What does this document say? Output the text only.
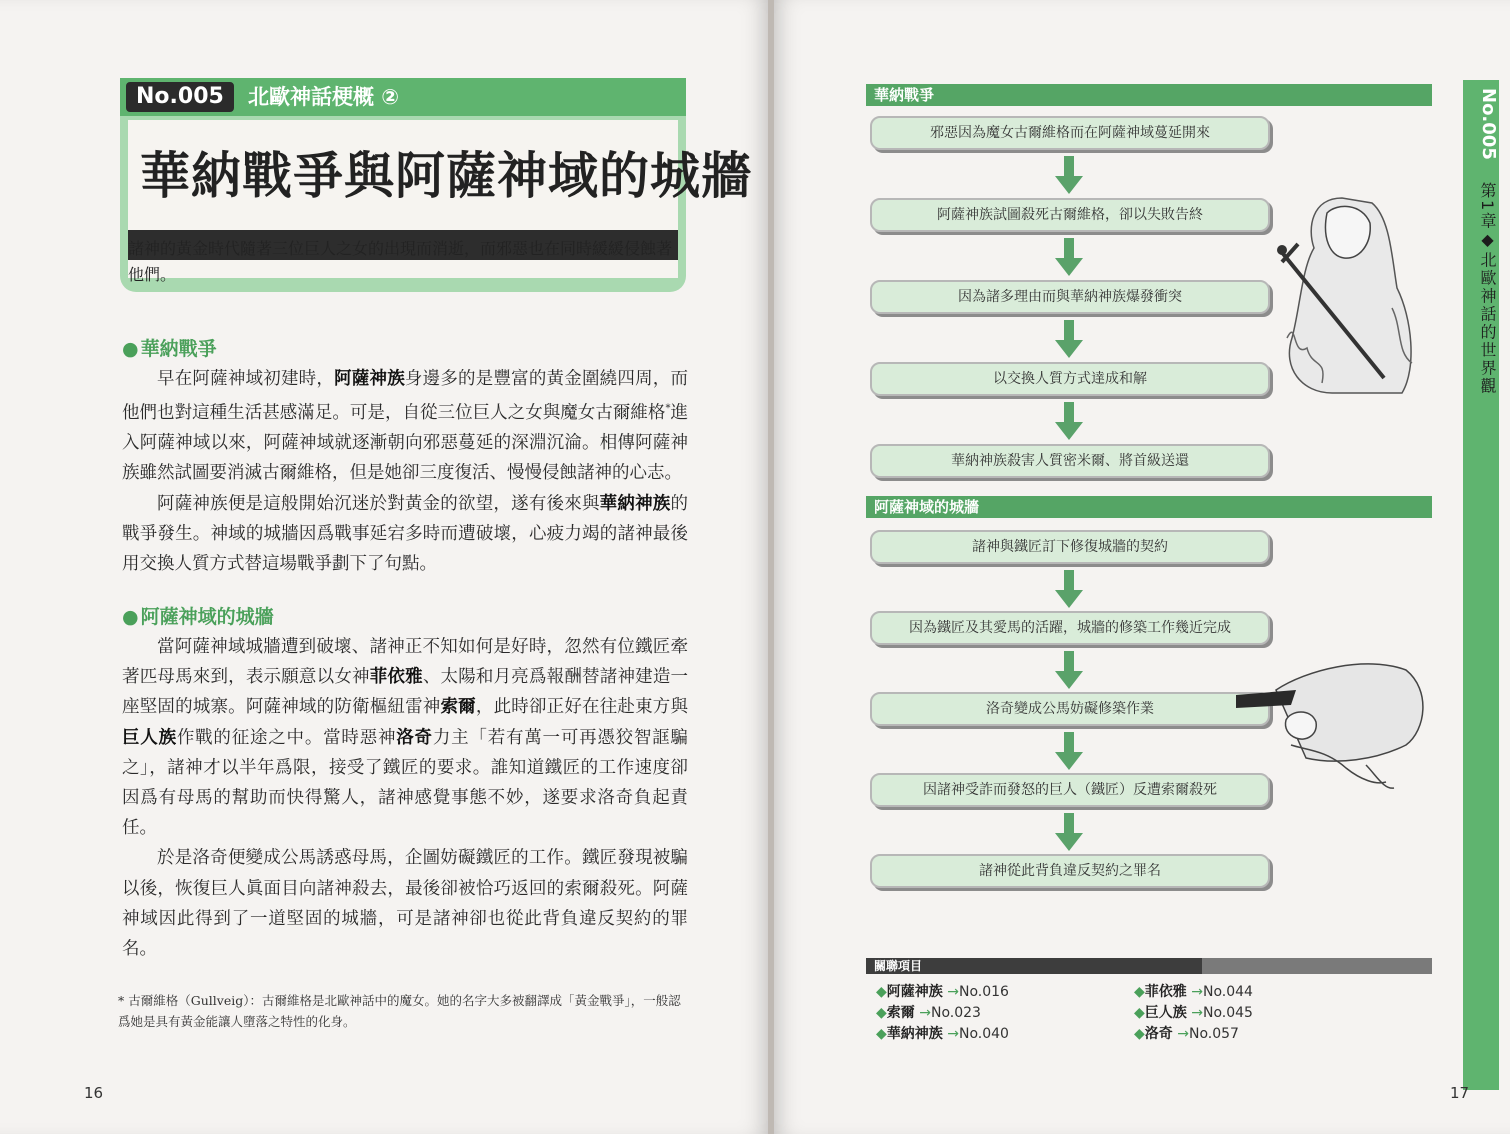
No.005	北歐神話梗概 ②
華納戰爭與阿薩神域的城牆
諸神的黃金時代隨著三位巨人之女的出現而消逝，而邪惡也在同時緩緩侵蝕著他們。
● 華納戰爭

早在阿薩神域初建時，阿薩神族身邊多的是豐富的黃金圍繞四周，而他們也對這種生活甚感滿足。可是，自從三位巨人之女與魔女古爾維格*進入阿薩神域以來，阿薩神域就逐漸朝向邪惡蔓延的深淵沉淪。相傳阿薩神族雖然試圖要消滅古爾維格，但是她卻三度復活、慢慢侵蝕諸神的心志。

阿薩神族便是這般開始沉迷於對黃金的欲望，遂有後來與華納神族的戰爭發生。神域的城牆因爲戰事延宕多時而遭破壞，心疲力竭的諸神最後用交換人質方式替這場戰爭劃下了句點。

● 阿薩神域的城牆

當阿薩神域城牆遭到破壞、諸神正不知如何是好時，忽然有位鐵匠牽著匹母馬來到，表示願意以女神菲依雅、太陽和月亮爲報酬替諸神建造一座堅固的城寨。阿薩神域的防衛樞紐雷神索爾，此時卻正好在往赴東方與巨人族作戰的征途之中。當時惡神洛奇力主「若有萬一可再憑狡智誆騙之」，諸神才以半年爲限，接受了鐵匠的要求。誰知道鐵匠的工作速度卻因爲有母馬的幫助而快得驚人，諸神感覺事態不妙，遂要求洛奇負起責任。

於是洛奇便變成公馬誘惑母馬，企圖妨礙鐵匠的工作。鐵匠發現被騙以後，恢復巨人眞面目向諸神殺去，最後卻被恰巧返回的索爾殺死。阿薩神域因此得到了一道堅固的城牆，可是諸神卻也從此背負違反契約的罪名。

* 古爾維格（Gullveig）：古爾維格是北歐神話中的魔女。她的名字大多被翻譯成「黃金戰爭」，一般認爲她是具有黃金能讓人墮落之特性的化身。
16
華納戰爭
邪惡因為魔女古爾維格而在阿薩神域蔓延開來
阿薩神族試圖殺死古爾維格，卻以失敗告終
因為諸多理由而與華納神族爆發衝突
以交換人質方式達成和解
華納神族殺害人質密米爾、將首級送還
阿薩神域的城牆
諸神與鐵匠訂下修復城牆的契約
因為鐵匠及其愛馬的活躍，城牆的修築工作幾近完成
洛奇變成公馬妨礙修築作業
因諸神受詐而發怒的巨人（鐵匠）反遭索爾殺死
諸神從此背負違反契約之罪名
關聯項目
◆阿薩神族 →No.016
◆索爾 →No.023
◆華納神族 →No.040
◆菲依雅 →No.044
◆巨人族 →No.045
◆洛奇 →No.057
No.005
第1章◆北歐神話的世界觀
17
